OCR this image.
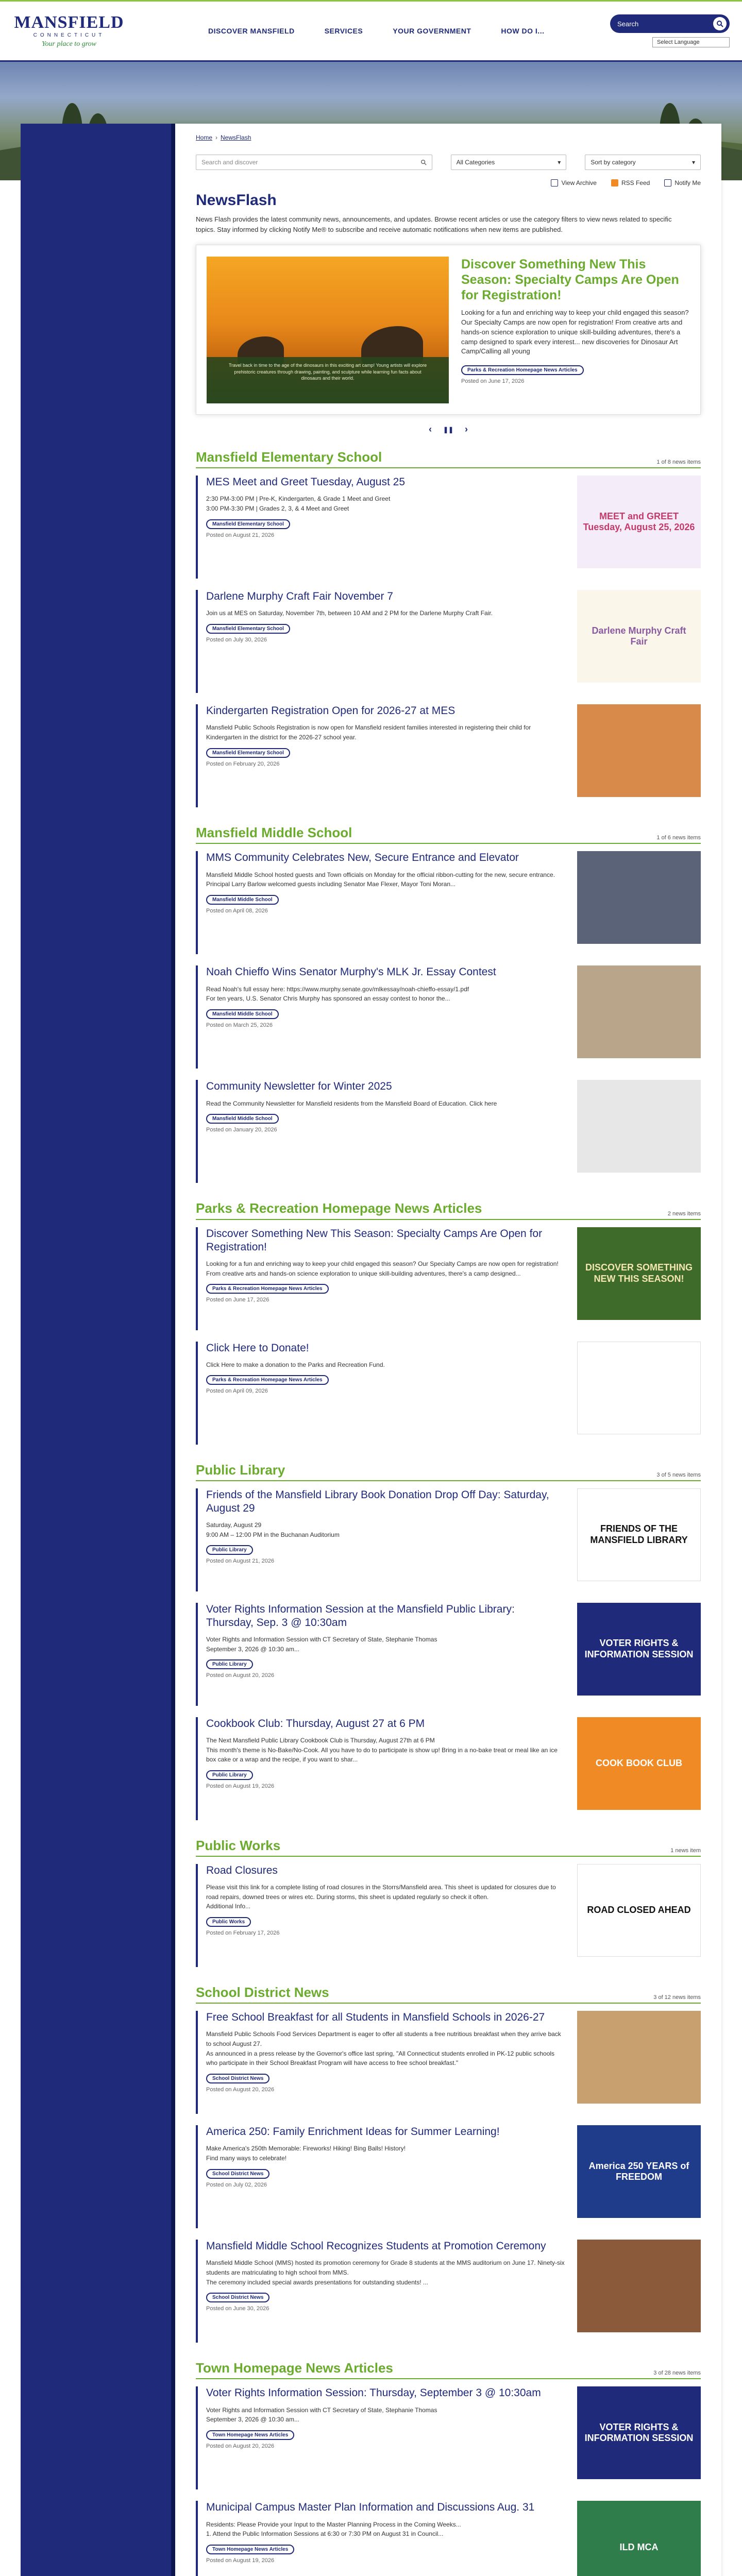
MANSFIELD
CONNECTICUT
Your place to grow
DISCOVER MANSFIELD	SERVICES	YOUR GOVERNMENT	HOW DO I...
Search
Select Language
Home › NewsFlash
Search and discover	All Categories	▾	Sort by category	▾
View Archive	RSS Feed	Notify Me
NewsFlash

News Flash provides the latest community news, announcements, and updates. Browse recent articles or use the category filters to view news related to specific topics. Stay informed by clicking Notify Me® to subscribe and receive automatic notifications when new items are published.

Travel back in time to the age of the dinosaurs in this exciting art camp! Young artists will explore prehistoric creatures through drawing, painting, and sculpture while learning fun facts about dinosaurs and their world.
Discover Something New This Season: Specialty Camps Are Open for Registration!
Looking for a fun and enriching way to keep your child engaged this season? Our Specialty Camps are now open for registration! From creative arts and hands-on science exploration to unique skill-building adventures, there's a camp designed to spark every interest... new discoveries for Dinosaur Art Camp/Calling all young
Parks & Recreation Homepage News Articles
Posted on June 17, 2026
‹ ❚❚ ›
Mansfield Elementary School	1 of 8 news items
MES Meet and Greet Tuesday, August 25
2:30 PM-3:00 PM | Pre-K, Kindergarten, & Grade 1 Meet and Greet
3:00 PM-3:30 PM | Grades 2, 3, & 4 Meet and Greet
Mansfield Elementary School
Posted on August 21, 2026
MEET and GREET Tuesday, August 25, 2026
Darlene Murphy Craft Fair November 7
Join us at MES on Saturday, November 7th, between 10 AM and 2 PM for the Darlene Murphy Craft Fair.
Mansfield Elementary School
Posted on July 30, 2026
Darlene Murphy Craft Fair
Kindergarten Registration Open for 2026-27 at MES
Mansfield Public Schools Registration is now open for Mansfield resident families interested in registering their child for Kindergarten in the district for the 2026-27 school year.
Mansfield Elementary School
Posted on February 20, 2026
Mansfield Middle School	1 of 6 news items
MMS Community Celebrates New, Secure Entrance and Elevator
Mansfield Middle School hosted guests and Town officials on Monday for the official ribbon-cutting for the new, secure entrance.
Principal Larry Barlow welcomed guests including Senator Mae Flexer, Mayor Toni Moran...
Mansfield Middle School
Posted on April 08, 2026
Noah Chieffo Wins Senator Murphy's MLK Jr. Essay Contest
Read Noah's full essay here: https://www.murphy.senate.gov/mlkessay/noah-chieffo-essay/1.pdf
For ten years, U.S. Senator Chris Murphy has sponsored an essay contest to honor the...
Mansfield Middle School
Posted on March 25, 2026
Community Newsletter for Winter 2025
Read the Community Newsletter for Mansfield residents from the Mansfield Board of Education. Click here
Mansfield Middle School
Posted on January 20, 2026
Parks & Recreation Homepage News Articles	2 news items
Discover Something New This Season: Specialty Camps Are Open for Registration!
Looking for a fun and enriching way to keep your child engaged this season? Our Specialty Camps are now open for registration! From creative arts and hands-on science exploration to unique skill-building adventures, there's a camp designed...
Parks & Recreation Homepage News Articles
Posted on June 17, 2026
DISCOVER SOMETHING NEW THIS SEASON!
Click Here to Donate!
Click Here to make a donation to the Parks and Recreation Fund.
Parks & Recreation Homepage News Articles
Posted on April 09, 2026
Public Library	3 of 5 news items
Friends of the Mansfield Library Book Donation Drop Off Day: Saturday, August 29
Saturday, August 29
9:00 AM – 12:00 PM in the Buchanan Auditorium
Public Library
Posted on August 21, 2026
FRIENDS OF THE MANSFIELD LIBRARY
Voter Rights Information Session at the Mansfield Public Library: Thursday, Sep. 3 @ 10:30am
Voter Rights and Information Session with CT Secretary of State, Stephanie Thomas
September 3, 2026 @ 10:30 am...
Public Library
Posted on August 20, 2026
VOTER RIGHTS & INFORMATION SESSION
Cookbook Club: Thursday, August 27 at 6 PM
The Next Mansfield Public Library Cookbook Club is Thursday, August 27th at 6 PM
This month's theme is No-Bake/No-Cook. All you have to do to participate is show up! Bring in a no-bake treat or meal like an ice box cake or a wrap and the recipe, if you want to shar...
Public Library
Posted on August 19, 2026
COOK BOOK CLUB
Public Works	1 news item
Road Closures
Please visit this link for a complete listing of road closures in the Storrs/Mansfield area. This sheet is updated for closures due to road repairs, downed trees or wires etc. During storms, this sheet is updated regularly so check it often.
Additional Info...
Public Works
Posted on February 17, 2026
ROAD CLOSED AHEAD
School District News	3 of 12 news items
Free School Breakfast for all Students in Mansfield Schools in 2026-27
Mansfield Public Schools Food Services Department is eager to offer all students a free nutritious breakfast when they arrive back to school August 27.
As announced in a press release by the Governor's office last spring, "All Connecticut students enrolled in PK-12 public schools who participate in their School Breakfast Program will have access to free school breakfast."
School District News
Posted on August 20, 2026
America 250: Family Enrichment Ideas for Summer Learning!
Make America's 250th Memorable: Fireworks! Hiking! Bing Balls! History!
Find many ways to celebrate!
School District News
Posted on July 02, 2026
America 250 YEARS of FREEDOM
Mansfield Middle School Recognizes Students at Promotion Ceremony
Mansfield Middle School (MMS) hosted its promotion ceremony for Grade 8 students at the MMS auditorium on June 17. Ninety-six students are matriculating to high school from MMS.
The ceremony included special awards presentations for outstanding students! ...
School District News
Posted on June 30, 2026
Town Homepage News Articles	3 of 28 news items
Voter Rights Information Session: Thursday, September 3 @ 10:30am
Voter Rights and Information Session with CT Secretary of State, Stephanie Thomas
September 3, 2026 @ 10:30 am...
Town Homepage News Articles
Posted on August 20, 2026
VOTER RIGHTS & INFORMATION SESSION
Municipal Campus Master Plan Information and Discussions Aug. 31
Residents: Please Provide your Input to the Master Planning Process in the Coming Weeks...
1. Attend the Public Information Sessions at 6:30 or 7:30 PM on August 31 in Council...
Town Homepage News Articles
Posted on August 19, 2026
ILD MCA
